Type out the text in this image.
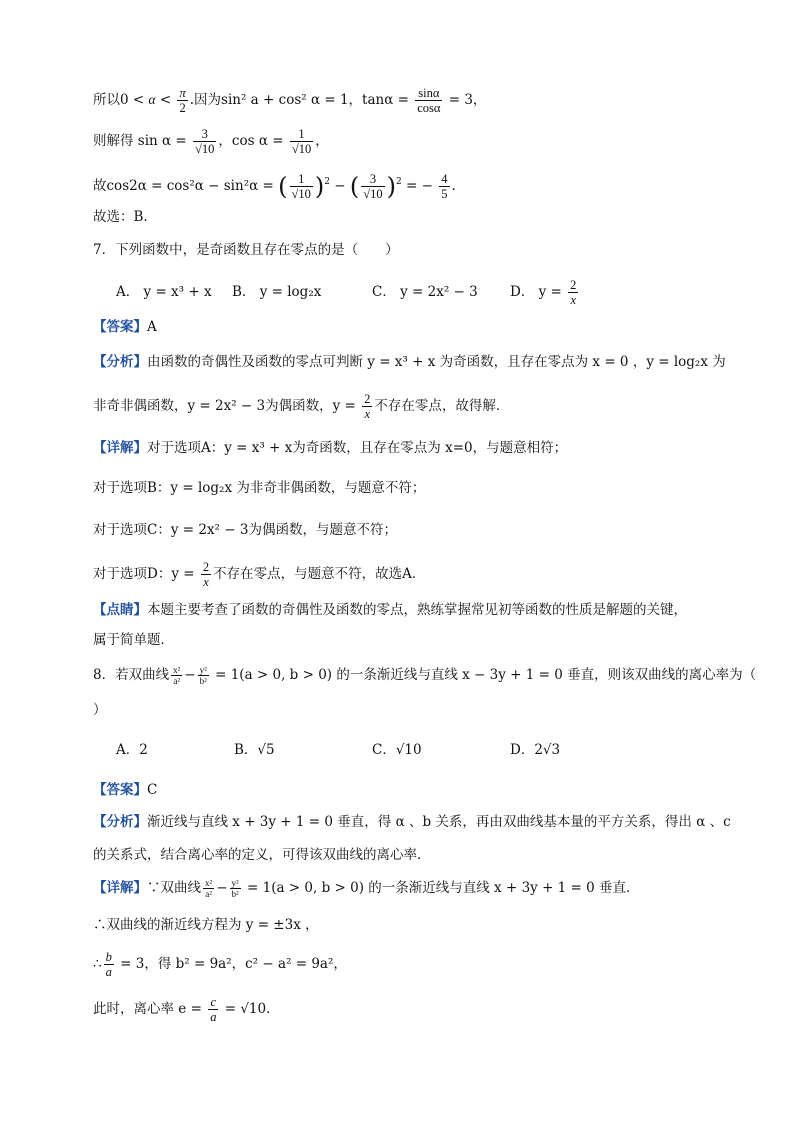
所以$0 < \alpha < \frac{\pi}{2}$ .因为sin² a + cos² α = 1，$\tan\alpha = \frac{\sin\alpha}{\cos\alpha} = 3$，
则解得 $\sin \alpha = \frac{3}{√10}$ ，$\cos \alpha = \frac{1}{√10}$ ，
故cos2α = cos²α − sin²α = ( $\frac{1}{√10} )^2$ − ( $\frac{3}{√10} )^2$ = − $\frac{4}{5}$ .
故选：B.
7．下列函数中，是奇函数且存在零点的是（　　）
A． y = x³ + x B． y = log₂x	C． y = 2x² − 3 D． $y = \frac{2}{x}$
【答案】A
【分析】由函数的奇偶性及函数的零点可判断 y = x³ + x 为奇函数，且存在零点为 x = 0 ，y = log₂x 为
非奇非偶函数，y = 2x² − 3为偶函数，$y = \frac{2}{x}$ 不存在零点，故得解．
【详解】对于选项A：y = x³ + x为奇函数，且存在零点为 x=0，与题意相符；
对于选项B：y = log₂x 为非奇非偶函数，与题意不符；
对于选项C：y = 2x² − 3为偶函数，与题意不符；
对于选项D：$y = \frac{2}{x}$ 不存在零点，与题意不符，故选A．
【点睛】本题主要考查了函数的奇偶性及函数的零点，熟练掌握常见初等函数的性质是解题的关键，
属于简单题．
8．若双曲线 $\frac{\text{x²}}{\text{a²}} - \frac{\text{y²}}{\text{b²}} = 1(a > 0$, b > 0) 的一条渐近线与直线 x − 3y + 1 = 0 垂直，则该双曲线的离心率为（
）
A．2	B．√5	C．√10	D．2√3
【答案】C
【分析】渐近线与直线 x + 3y + 1 = 0 垂直，得 α 、b 关系，再由双曲线基本量的平方关系，得出 α 、c
的关系式，结合离心率的定义，可得该双曲线的离心率．
【详解】∵双曲线 $\frac{\text{x²}}{\text{a²}} - \frac{\text{y²}}{\text{b²}} = 1(a > 0$, b > 0) 的一条渐近线与直线 x + 3y + 1 = 0 垂直．
∴双曲线的渐近线方程为 y = ±3x ，
∴ $\frac{b}{a} = 3$，得 b² = 9a²，c² − a² = 9a²，
此时，离心率 $e = \frac{c}{a} = √10$．
